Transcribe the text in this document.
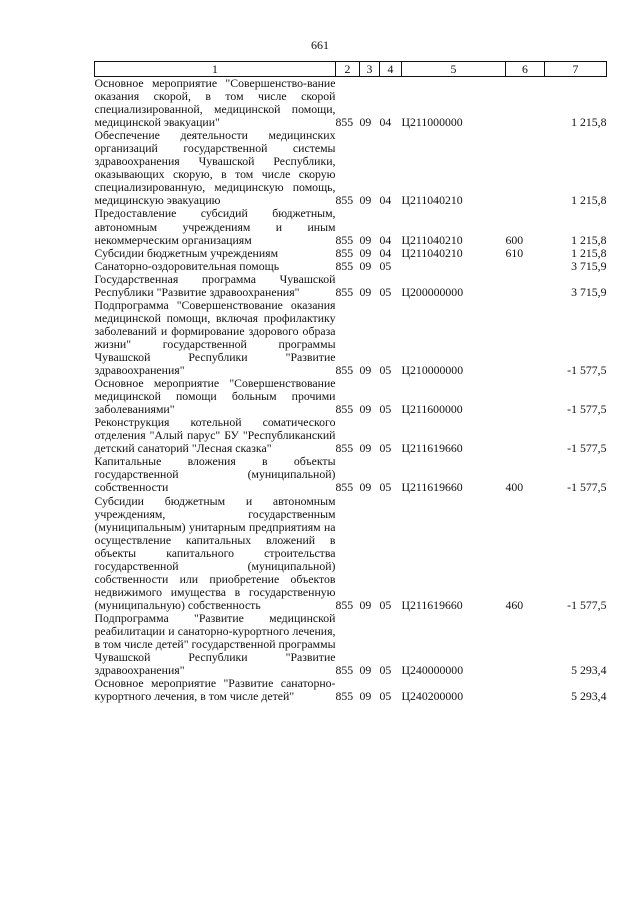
661
1	2	3	4	5	6	7
Основное мероприятие "Совершенство-вание оказания скорой, в том числе скорой специализированной, медицинской помощи, медицинской эвакуации"	855	09	04	Ц211000000		1 215,8
Обеспечение деятельности медицинских организаций государственной системы здравоохранения Чувашской Республики, оказывающих скорую, в том числе скорую специализированную, медицинскую помощь, медицинскую эвакуацию	855	09	04	Ц211040210		1 215,8
Предоставление субсидий бюджетным, автономным учреждениям и иным некоммерческим организациям	855	09	04	Ц211040210	600	1 215,8
Субсидии бюджетным учреждениям	855	09	04	Ц211040210	610	1 215,8
Санаторно-оздоровительная помощь	855	09	05			3 715,9
Государственная программа Чувашской Республики "Развитие здравоохранения"	855	09	05	Ц200000000		3 715,9
Подпрограмма "Совершенствование оказания медицинской помощи, включая профилактику заболеваний и формирование здорового образа жизни" государственной программы Чувашской Республики "Развитие здравоохранения"	855	09	05	Ц210000000		-1 577,5
Основное мероприятие "Совершенствование медицинской помощи больным прочими заболеваниями"	855	09	05	Ц211600000		-1 577,5
Реконструкция котельной соматического отделения "Алый парус" БУ "Республиканский детский санаторий "Лесная сказка"	855	09	05	Ц211619660		-1 577,5
Капитальные вложения в объекты государственной (муниципальной) собственности	855	09	05	Ц211619660	400	-1 577,5
Субсидии бюджетным и автономным учреждениям, государственным (муниципальным) унитарным предприятиям на осуществление капитальных вложений в объекты капитального строительства государственной (муниципальной) собственности или приобретение объектов недвижимого имущества в государственную (муниципальную) собственность	855	09	05	Ц211619660	460	-1 577,5
Подпрограмма "Развитие медицинской реабилитации и санаторно-курортного лечения, в том числе детей" государственной программы Чувашской Республики "Развитие здравоохранения"	855	09	05	Ц240000000		5 293,4
Основное мероприятие "Развитие санаторно-курортного лечения, в том числе детей"	855	09	05	Ц240200000		5 293,4
